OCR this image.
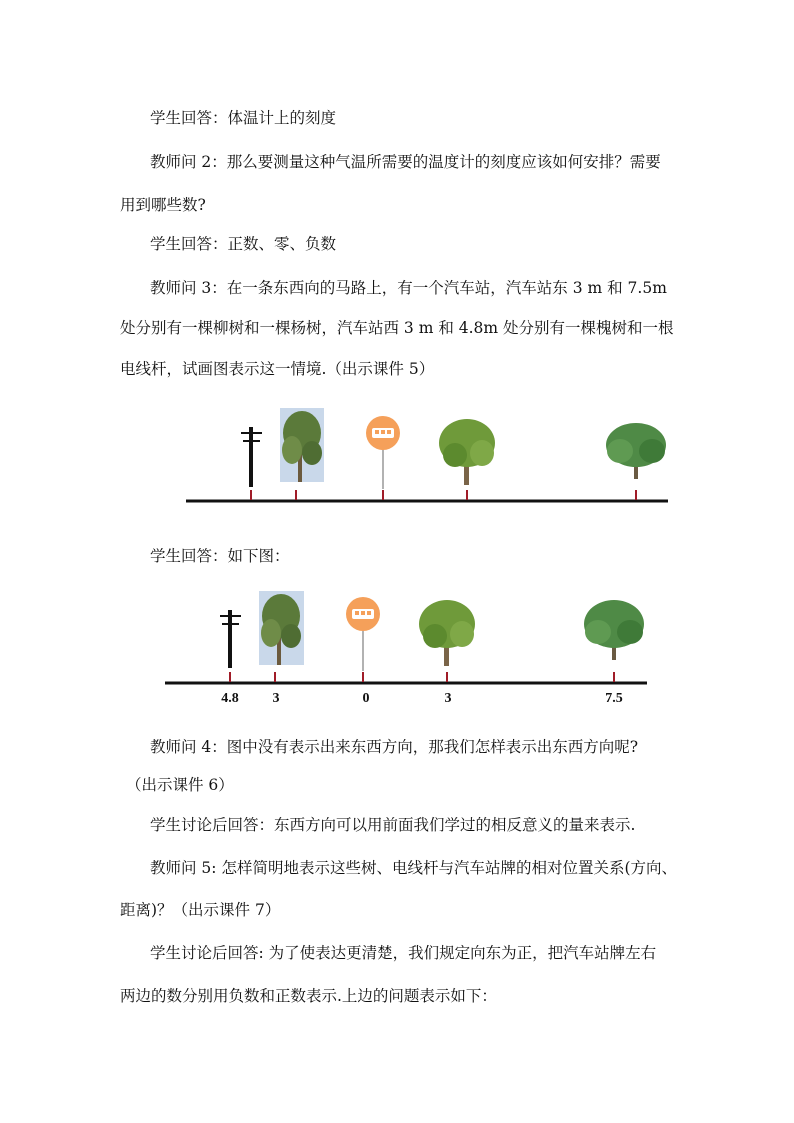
学生回答：体温计上的刻度
教师问 2：那么要测量这种气温所需要的温度计的刻度应该如何安排？需要
用到哪些数?
学生回答：正数、零、负数
教师问 3：在一条东西向的马路上，有一个汽车站，汽车站东 3 m 和 7.5m
处分别有一棵柳树和一棵杨树，汽车站西 3 m 和 4.8m 处分别有一棵槐树和一根
电线杆，试画图表示这一情境.（出示课件 5）
学生回答：如下图：
4.8 3	0	3	7.5
教师问 4：图中没有表示出来东西方向，那我们怎样表示出东西方向呢?
（出示课件 6）
学生讨论后回答：东西方向可以用前面我们学过的相反意义的量来表示.
教师问 5: 怎样简明地表示这些树、电线杆与汽车站牌的相对位置关系(方向、
距离)？（出示课件 7）
学生讨论后回答: 为了使表达更清楚，我们规定向东为正，把汽车站牌左右
两边的数分别用负数和正数表示.上边的问题表示如下：
